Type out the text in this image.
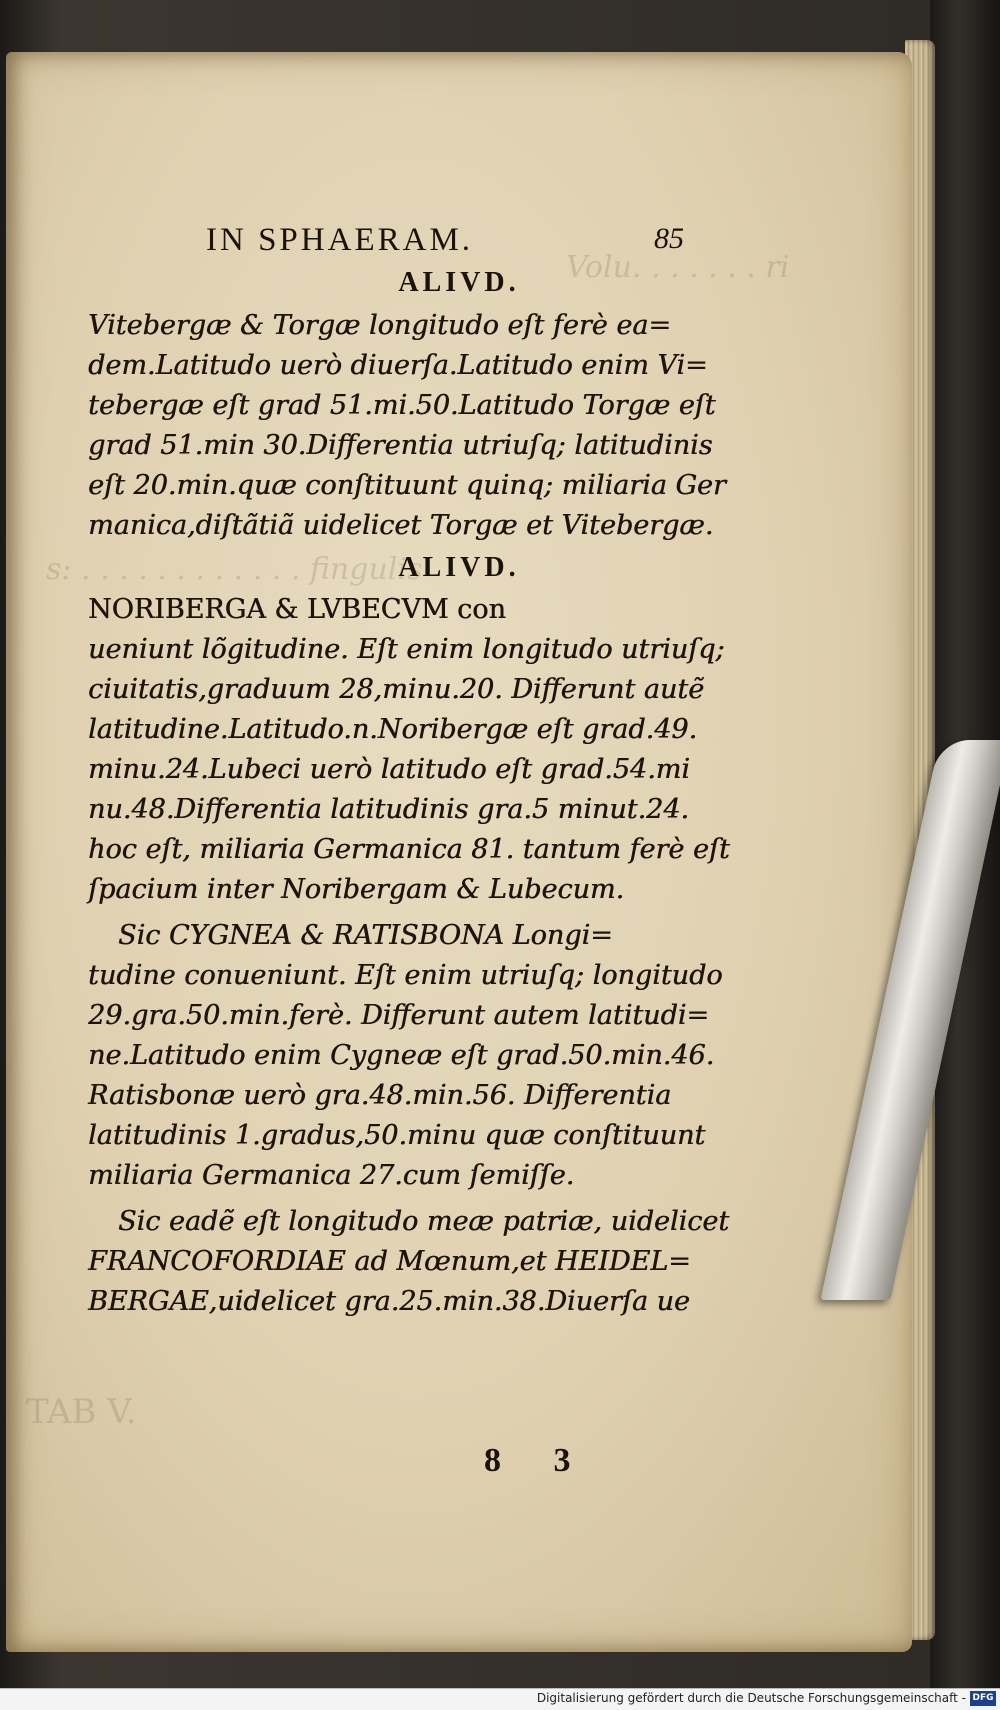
Volu. . . . . . . ri
s: . . . . . . . . . . . . fingulis
TAB V.
IN SPHAERAM.	85
ALIVD.
Vitebergæ & Torgæ longitudo eſt ferè ea=
dem.Latitudo uerò diuerſa.Latitudo enim Vi=
tebergæ eſt grad 51.mi.50.Latitudo Torgæ eſt
grad 51.min 30.Differentia utriuſq; latitudinis
eſt 20.min.quæ conſtituunt quinq; miliaria Ger
manica,diſtãtiã uidelicet Torgæ et Vitebergæ.
ALIVD.
NORIBERGA & LVBECVM con
ueniunt lõgitudine. Eſt enim longitudo utriuſq;
ciuitatis,graduum 28,minu.20. Differunt autẽ
latitudine.Latitudo.n.Noribergæ eſt grad.49.
minu.24.Lubeci uerò latitudo eſt grad.54.mi
nu.48.Differentia latitudinis gra.5 minut.24.
hoc eſt, miliaria Germanica 81. tantum ferè eſt
ſpacium inter Noribergam & Lubecum.
Sic CYGNEA & RATISBONA Longi=
tudine conueniunt. Eſt enim utriuſq; longitudo
29.gra.50.min.ferè. Differunt autem latitudi=
ne.Latitudo enim Cygneæ eſt grad.50.min.46.
Ratisbonæ uerò gra.48.min.56. Differentia
latitudinis 1.gradus,50.minu quæ conſtituunt
miliaria Germanica 27.cum ſemiſſe.
Sic eadẽ eſt longitudo meæ patriæ, uidelicet
FRANCOFORDIAE ad Mœnum,et HEIDEL=
BERGAE,uidelicet gra.25.min.38.Diuerſa ue
8 3
Digitalisierung gefördert durch die Deutsche Forschungsgemeinschaft - DFG
